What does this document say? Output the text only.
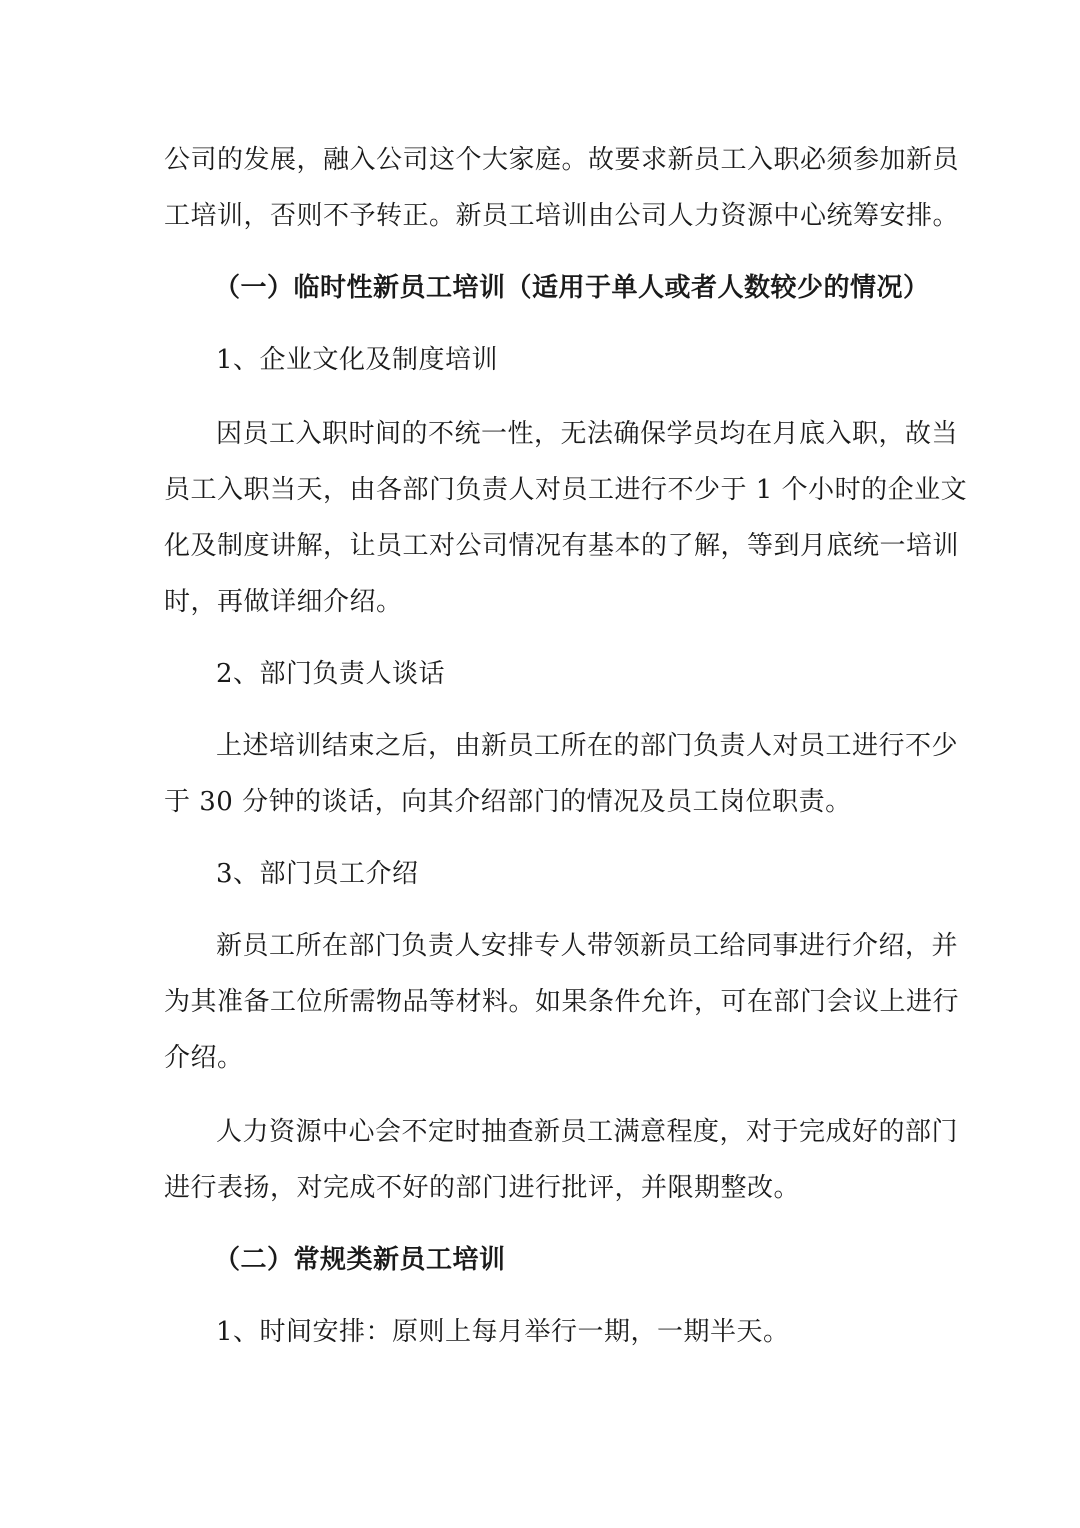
公司的发展，融入公司这个大家庭。故要求新员工入职必须参加新员
工培训，否则不予转正。新员工培训由公司人力资源中心统筹安排。
（一）临时性新员工培训（适用于单人或者人数较少的情况）
1、企业文化及制度培训
因员工入职时间的不统一性，无法确保学员均在月底入职，故当
员工入职当天，由各部门负责人对员工进行不少于 1 个小时的企业文
化及制度讲解，让员工对公司情况有基本的了解，等到月底统一培训
时，再做详细介绍。
2、部门负责人谈话
上述培训结束之后，由新员工所在的部门负责人对员工进行不少
于 30 分钟的谈话，向其介绍部门的情况及员工岗位职责。
3、部门员工介绍
新员工所在部门负责人安排专人带领新员工给同事进行介绍，并
为其准备工位所需物品等材料。如果条件允许，可在部门会议上进行
介绍。
人力资源中心会不定时抽查新员工满意程度，对于完成好的部门
进行表扬，对完成不好的部门进行批评，并限期整改。
（二）常规类新员工培训
1、时间安排：原则上每月举行一期，一期半天。
